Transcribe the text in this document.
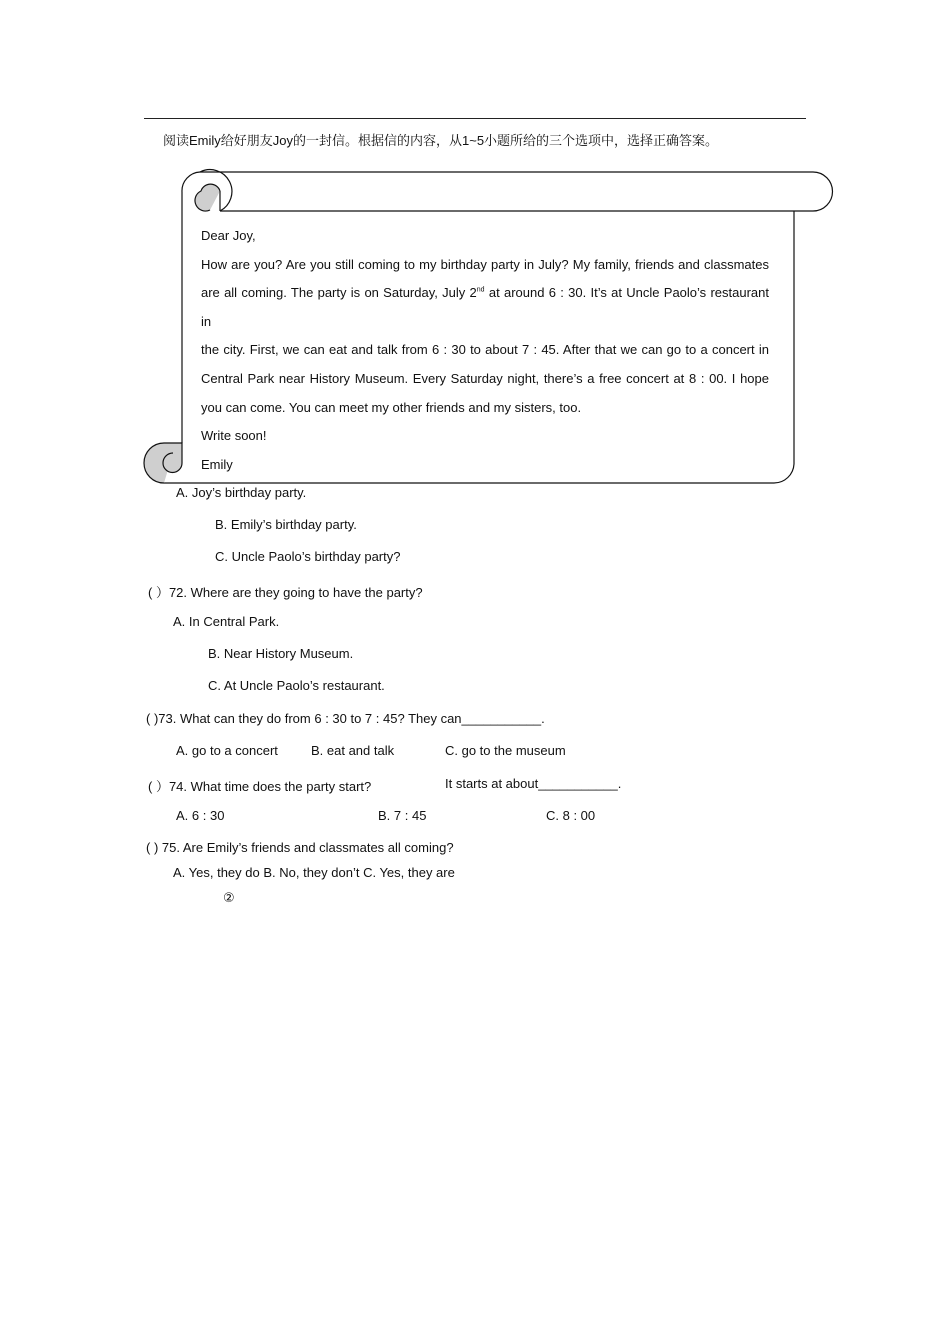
阅读Emily给好朋友Joy的一封信。根据信的内容，从1~5小题所给的三个选项中，选择正确答案。

Dear Joy,

How are you? Are you still coming to my birthday party in July? My family, friends and classmates

are all coming. The party is on Saturday, July 2nd at around 6 : 30. It’s at Uncle Paolo’s restaurant in

the city. First, we can eat and talk from 6 : 30 to about 7 : 45. After that we can go to a concert in

Central Park near History Museum. Every Saturday night, there’s a free concert at 8 : 00. I hope

you can come. You can meet my other friends and my sisters, too.

Write soon!

Emily

A. Joy’s birthday party.
B. Emily’s birthday party.
C. Uncle Paolo’s birthday party?
( ）72. Where are they going to have the party?
A. In Central Park.
B. Near History Museum.
C. At Uncle Paolo’s restaurant.
( )73. What can they do from 6 : 30 to 7 : 45? They can___________.
A. go to a concert	B. eat and talk	C. go to the museum
( ）74. What time does the party start?	It starts at about___________.
A. 6 : 30	B. 7 : 45	C. 8 : 00
( ) 75. Are Emily’s friends and classmates all coming?
A. Yes, they do B. No, they don’t C. Yes, they are
②
